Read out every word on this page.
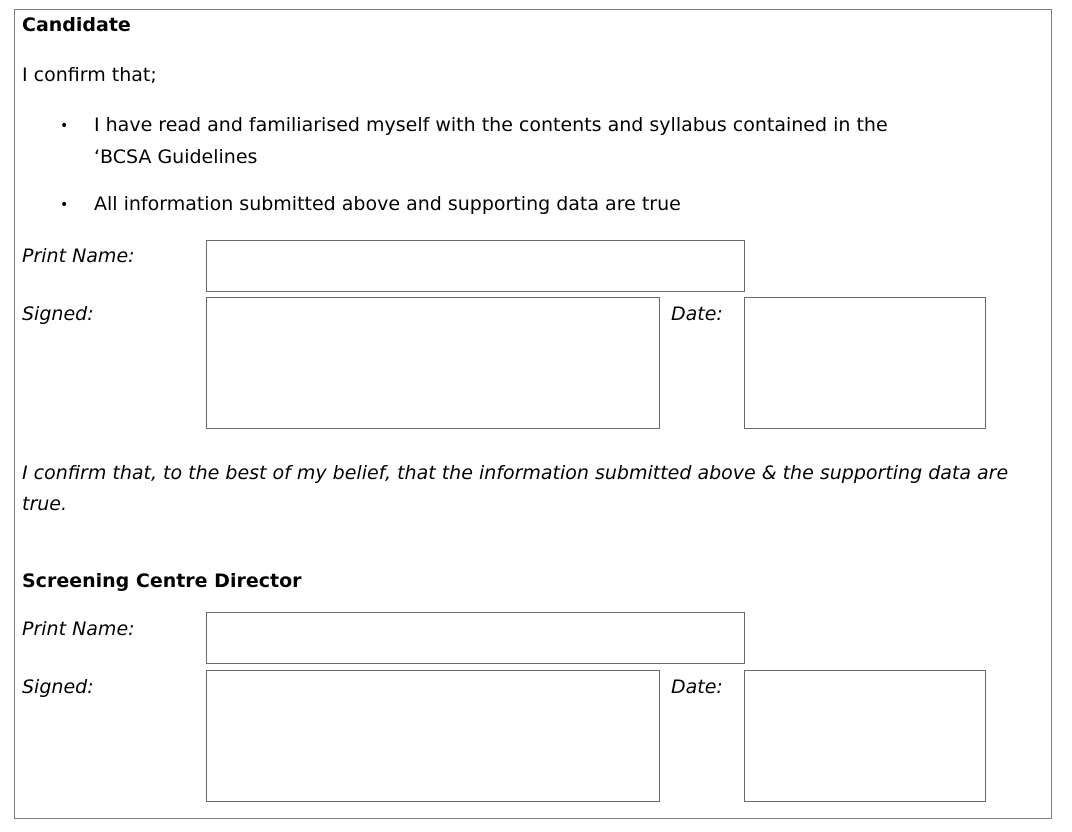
Candidate
I confirm that;
• I have read and familiarised myself with the contents and syllabus contained in the
‘BCSA Guidelines
• All information submitted above and supporting data are true
Print Name:
Signed:	Date:
I confirm that, to the best of my belief, that the information submitted above & the supporting data are
true.
Screening Centre Director
Print Name:
Signed:	Date:
